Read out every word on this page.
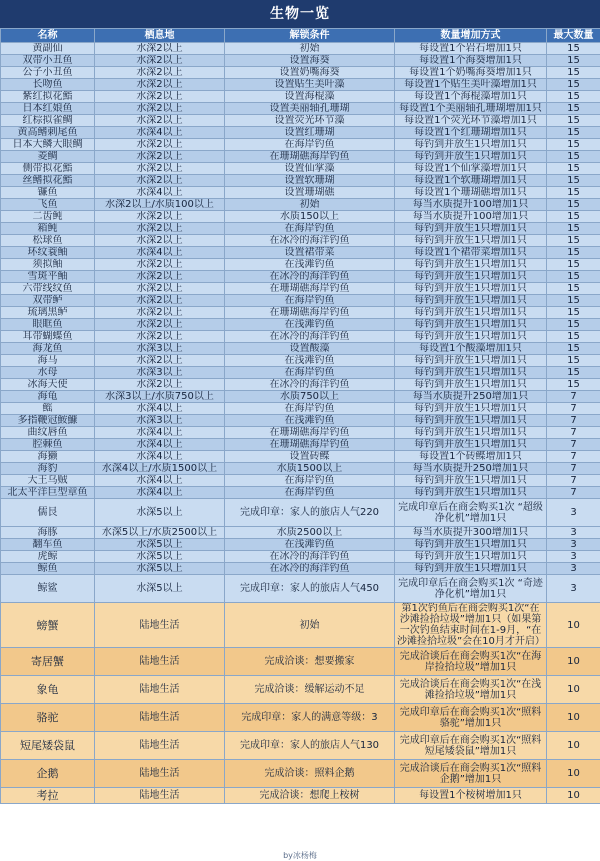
生物一览
名称	栖息地	解锁条件	数量增加方式	最大数量
黄副仙	水深2以上	初始	每设置1个岩石增加1只	15
双带小丑鱼	水深2以上	设置海葵	每设置1个海葵增加1只	15
公子小丑鱼	水深2以上	设置奶嘴海葵	每设置1个奶嘴海葵增加1只	15
长吻鱼	水深2以上	设置贴生美叶藻	每设置1个贴生美叶藻增加1只	15
紫红拟花鮨	水深2以上	设置海棍藻	每设置1个海棍藻增加1只	15
日本红娘鱼	水深2以上	设置美丽轴孔珊瑚	每设置1个美丽轴孔珊瑚增加1只	15
红棕拟雀鲷	水深2以上	设置荧光环节藻	每设置1个荧光环节藻增加1只	15
黄高鳍刺尾鱼	水深4以上	设置红珊瑚	每设置1个红珊瑚增加1只	15
日本大鳞大眼鲷	水深2以上	在海岸钓鱼	每钓到并放生1只增加1只	15
菱鲷	水深2以上	在珊瑚礁海岸钓鱼	每钓到并放生1只增加1只	15
侧带拟花鮨	水深2以上	设置仙掌藻	每设置1个仙掌藻增加1只	15
丝鳍拟花鮨	水深2以上	设置软珊瑚	每设置1个软珊瑚增加1只	15
镰鱼	水深4以上	设置珊瑚礁	每设置1个珊瑚礁增加1只	15
飞鱼	水深2以上/水质100以上	初始	每当水质提升100增加1只	15
二齿鲀	水深2以上	水质150以上	每当水质提升100增加1只	15
箱鲀	水深2以上	在海岸钓鱼	每钓到并放生1只增加1只	15
松球鱼	水深2以上	在冰冷的海洋钓鱼	每钓到并放生1只增加1只	15
环纹蓑鲉	水深4以上	设置裙带菜	每设置1个裙带菜增加1只	15
须拟鲉	水深2以上	在浅滩钓鱼	每钓到并放生1只增加1只	15
雪斑平鲉	水深2以上	在冰冷的海洋钓鱼	每钓到并放生1只增加1只	15
六带线纹鱼	水深2以上	在珊瑚礁海岸钓鱼	每钓到并放生1只增加1只	15
双带鲈	水深2以上	在海岸钓鱼	每钓到并放生1只增加1只	15
琉璃黑鲈	水深2以上	在珊瑚礁海岸钓鱼	每钓到并放生1只增加1只	15
眼眶鱼	水深2以上	在浅滩钓鱼	每钓到并放生1只增加1只	15
耳带蝴蝶鱼	水深2以上	在冰冷的海洋钓鱼	每钓到并放生1只增加1只	15
海龙鱼	水深3以上	设置酸藻	每设置1个酸藻增加1只	15
海马	水深2以上	在浅滩钓鱼	每钓到并放生1只增加1只	15
水母	水深3以上	在海岸钓鱼	每钓到并放生1只增加1只	15
冰海天使	水深2以上	在冰冷的海洋钓鱼	每钓到并放生1只增加1只	15
海龟	水深3以上/水质750以上	水质750以上	每当水质提升250增加1只	7
鳐	水深4以上	在海岸钓鱼	每钓到并放生1只增加1只	7
多指鞭冠鮟鱇	水深3以上	在浅滩钓鱼	每钓到并放生1只增加1只	7
曲纹唇鱼	水深4以上	在珊瑚礁海岸钓鱼	每钓到并放生1只增加1只	7
腔棘鱼	水深4以上	在珊瑚礁海岸钓鱼	每钓到并放生1只增加1只	7
海獭	水深4以上	设置砖鲽	每设置1个砖鲽增加1只	7
海豹	水深4以上/水质1500以上	水质1500以上	每当水质提升250增加1只	7
大王乌贼	水深4以上	在海岸钓鱼	每钓到并放生1只增加1只	7
北太平洋巨型章鱼	水深4以上	在海岸钓鱼	每钓到并放生1只增加1只	7
儒艮	水深5以上	完成印章：家人的旅店人气220	完成印章后在商会购买1次 “超级净化机”增加1只	3
海豚	水深5以上/水质2500以上	水质2500以上	每当水质提升300增加1只	3
翻车鱼	水深5以上	在浅滩钓鱼	每钓到并放生1只增加1只	3
虎鲸	水深5以上	在冰冷的海洋钓鱼	每钓到并放生1只增加1只	3
鲸鱼	水深5以上	在冰冷的海洋钓鱼	每钓到并放生1只增加1只	3
鲸鲨	水深5以上	完成印章：家人的旅店人气450	完成印章后在商会购买1次 “奇迹净化机”增加1只	3
螃蟹	陆地生活	初始	第1次钓鱼后在商会购买1次“在沙滩捡拾垃圾”增加1只（如果第一次钓鱼结束时间在1-9月，“在沙滩捡拾垃圾”会在10月才开启）	10
寄居蟹	陆地生活	完成洽谈：想要搬家	完成洽谈后在商会购买1次“在海岸捡拾垃圾”增加1只	10
象龟	陆地生活	完成洽谈：缓解运动不足	完成洽谈后在商会购买1次“在浅滩捡拾垃圾”增加1只	10
骆驼	陆地生活	完成印章：家人的满意等级：3	完成印章后在商会购买1次“照料骆驼”增加1只	10
短尾矮袋鼠	陆地生活	完成印章：家人的旅店人气130	完成印章后在商会购买1次“照料短尾矮袋鼠”增加1只	10
企鹅	陆地生活	完成洽谈：照料企鹅	完成洽谈后在商会购买1次“照料企鹅”增加1只	10
考拉	陆地生活	完成洽谈：想爬上桉树	每设置1个桉树增加1只	10
by冰杨梅
